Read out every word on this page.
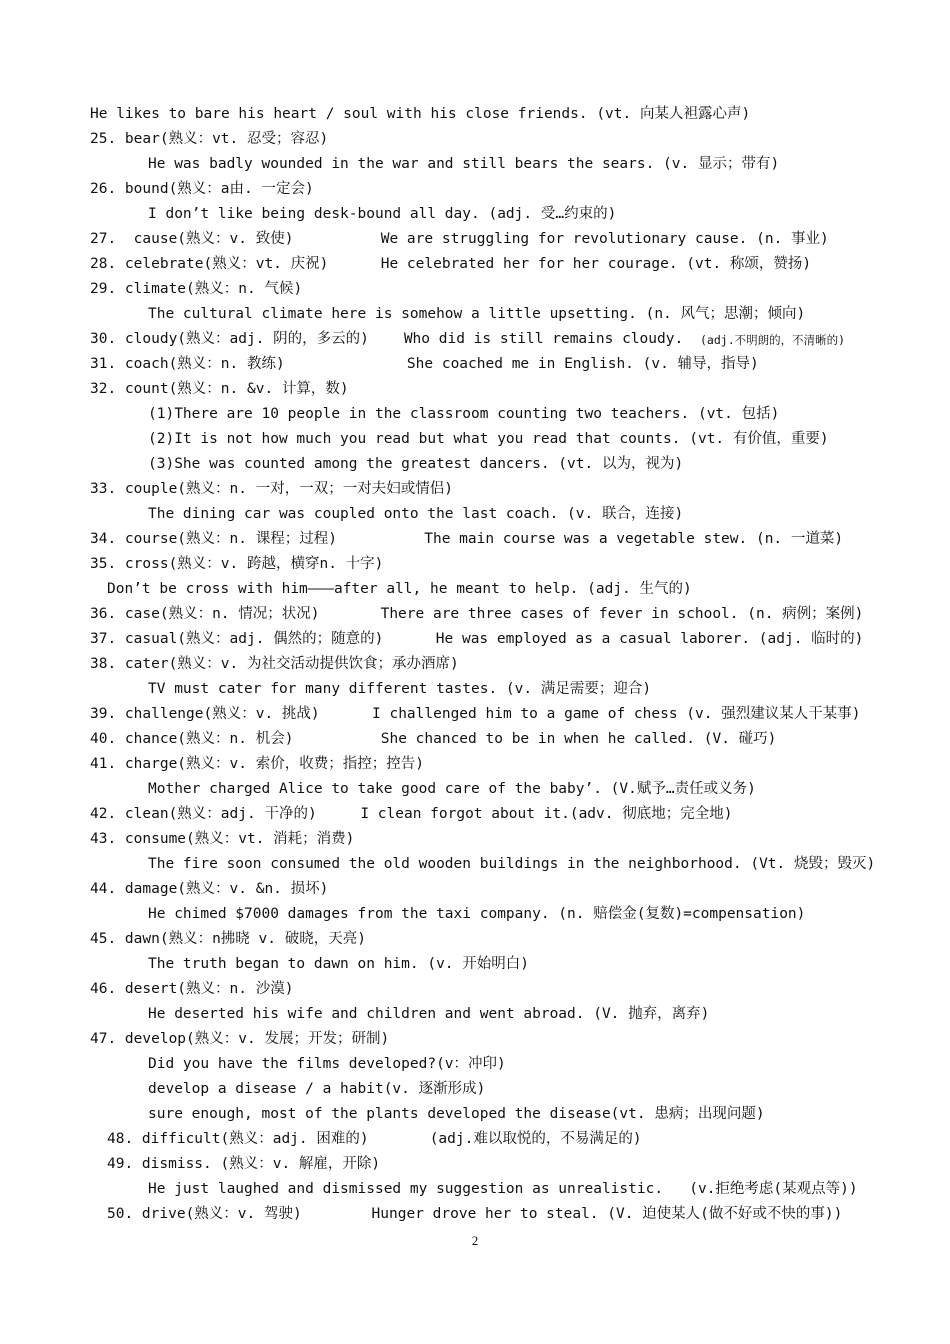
He likes to bare his heart / soul with his close friends. (vt. 向某人袒露心声)
25. bear(熟义：vt. 忍受；容忍)
He was badly wounded in the war and still bears the sears. (v. 显示；带有)
26. bound(熟义：a由. 一定会)
I don’t like being desk-bound all day. (adj. 受…约束的)
27.  cause(熟义：v. 致使)          We are struggling for revolutionary cause. (n. 事业)
28. celebrate(熟义：vt. 庆祝)      He celebrated her for her courage. (vt. 称颂，赞扬)
29. climate(熟义：n. 气候)
The cultural climate here is somehow a little upsetting. (n. 风气；思潮；倾向)
30. cloudy(熟义：adj. 阴的，多云的)    Who did is still remains cloudy. (adj.不明朗的，不清晰的)
31. coach(熟义：n. 教练)              She coached me in English. (v. 辅导，指导)
32. count(熟义：n. &v. 计算，数)
(1)There are 10 people in the classroom counting two teachers. (vt. 包括)
(2)It is not how much you read but what you read that counts. (vt. 有价值，重要)
(3)She was counted among the greatest dancers. (vt. 以为，视为)
33. couple(熟义：n. 一对，一双；一对夫妇或情侣)
The dining car was coupled onto the last coach. (v. 联合，连接)
34. course(熟义：n. 课程；过程)          The main course was a vegetable stew. (n. 一道菜)
35. cross(熟义：v. 跨越，横穿n. 十字)
Don’t be cross with him———after all, he meant to help. (adj. 生气的)
36. case(熟义：n. 情况；状况)       There are three cases of fever in school. (n. 病例；案例)
37. casual(熟义：adj. 偶然的；随意的)      He was employed as a casual laborer. (adj. 临时的)
38. cater(熟义：v. 为社交活动提供饮食；承办酒席)
TV must cater for many different tastes. (v. 满足需要；迎合)
39. challenge(熟义：v. 挑战)      I challenged him to a game of chess (v. 强烈建议某人干某事)
40. chance(熟义：n. 机会)          She chanced to be in when he called. (V. 碰巧)
41. charge(熟义：v. 索价，收费；指控；控告)
Mother charged Alice to take good care of the baby’. (V.赋予…责任或义务)
42. clean(熟义：adj. 干净的)     I clean forgot about it.(adv. 彻底地；完全地)
43. consume(熟义：vt. 消耗；消费)
The fire soon consumed the old wooden buildings in the neighborhood. (Vt. 烧毁；毁灭)
44. damage(熟义：v. &n. 损坏)
He chimed $7000 damages from the taxi company. (n. 赔偿金(复数)=compensation)
45. dawn(熟义：n拂晓 v. 破晓，天亮)
The truth began to dawn on him. (v. 开始明白)
46. desert(熟义：n. 沙漠)
He deserted his wife and children and went abroad. (V. 抛弃，离弃)
47. develop(熟义：v. 发展；开发；研制)
Did you have the films developed?(v：冲印)
develop a disease / a habit(v. 逐渐形成)
sure enough, most of the plants developed the disease(vt. 患病；出现问题)
48. difficult(熟义：adj. 困难的)       (adj.难以取悦的，不易满足的)
49. dismiss. (熟义：v. 解雇，开除)
He just laughed and dismissed my suggestion as unrealistic.   (v.拒绝考虑(某观点等))
50. drive(熟义：v. 驾驶)        Hunger drove her to steal. (V. 迫使某人(做不好或不快的事))
2
